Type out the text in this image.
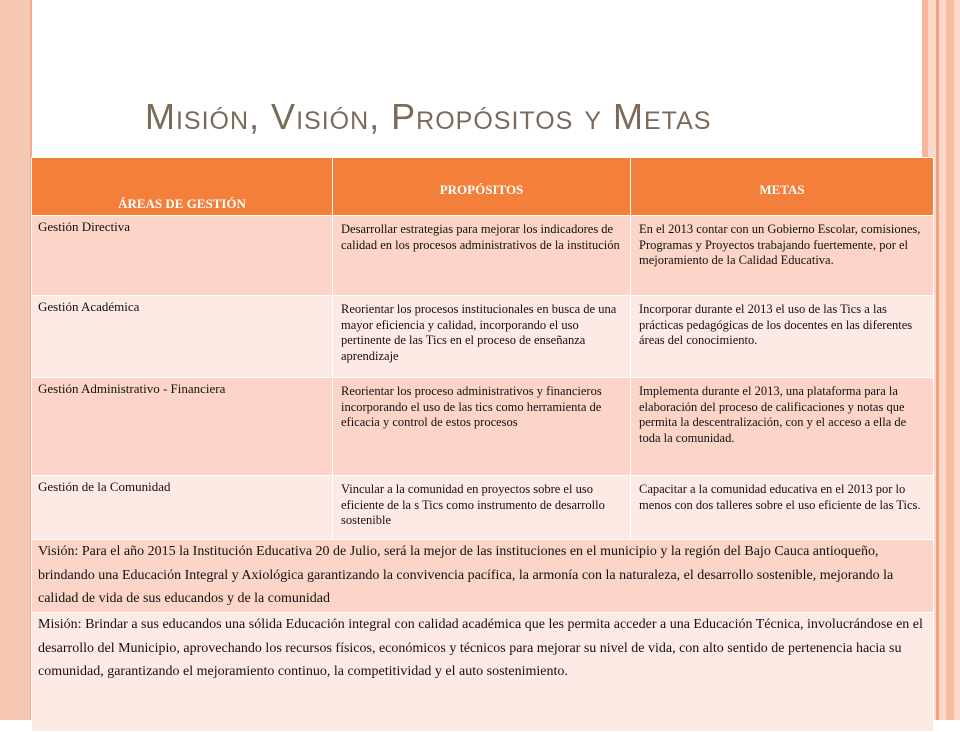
Misión, Visión, Propósitos y Metas
ÁREAS DE GESTIÓN	PROPÓSITOS	METAS

Gestión Directiva	Desarrollar estrategias para mejorar los indicadores de calidad en los procesos administrativos de la institución	En el 2013 contar con un Gobierno Escolar, comisiones, Programas y Proyectos trabajando fuertemente, por el mejoramiento de la Calidad Educativa.
Gestión Académica	Reorientar los procesos institucionales en busca de una mayor eficiencia y calidad, incorporando el uso pertinente de las Tics en el proceso de enseñanza aprendizaje	Incorporar durante el 2013 el uso de las Tics a las prácticas pedagógicas de los docentes en las diferentes áreas del conocimiento.
Gestión Administrativo - Financiera	Reorientar los proceso administrativos y financieros incorporando el uso de las tics como herramienta de eficacia y control de estos procesos	Implementa durante el 2013, una plataforma para la elaboración del proceso de calificaciones y notas que permita la descentralización, con y el acceso a ella de toda la comunidad.
Gestión de la Comunidad	Vincular a la comunidad en proyectos sobre el uso eficiente de la s Tics como instrumento de desarrollo sostenible	Capacitar a la comunidad educativa en el 2013 por lo menos con dos talleres sobre el uso eficiente de las Tics.

Visión: Para el año 2015 la Institución Educativa 20 de Julio, será la mejor de las instituciones en el municipio y la región del Bajo Cauca antioqueño, brindando una Educación Integral y Axiológica garantizando la convivencia pacífica, la armonía con la naturaleza, el desarrollo sostenible, mejorando la calidad de vida de sus educandos y de la comunidad		

Misión: Brindar a sus educandos una sólida Educación integral con calidad académica que les permita acceder a una Educación Técnica, involucrándose en el desarrollo del Municipio, aprovechando los recursos físicos, económicos y técnicos para mejorar su nivel de vida, con alto sentido de pertenencia hacia su comunidad, garantizando el mejoramiento continuo, la competitividad y el auto sostenimiento.		
